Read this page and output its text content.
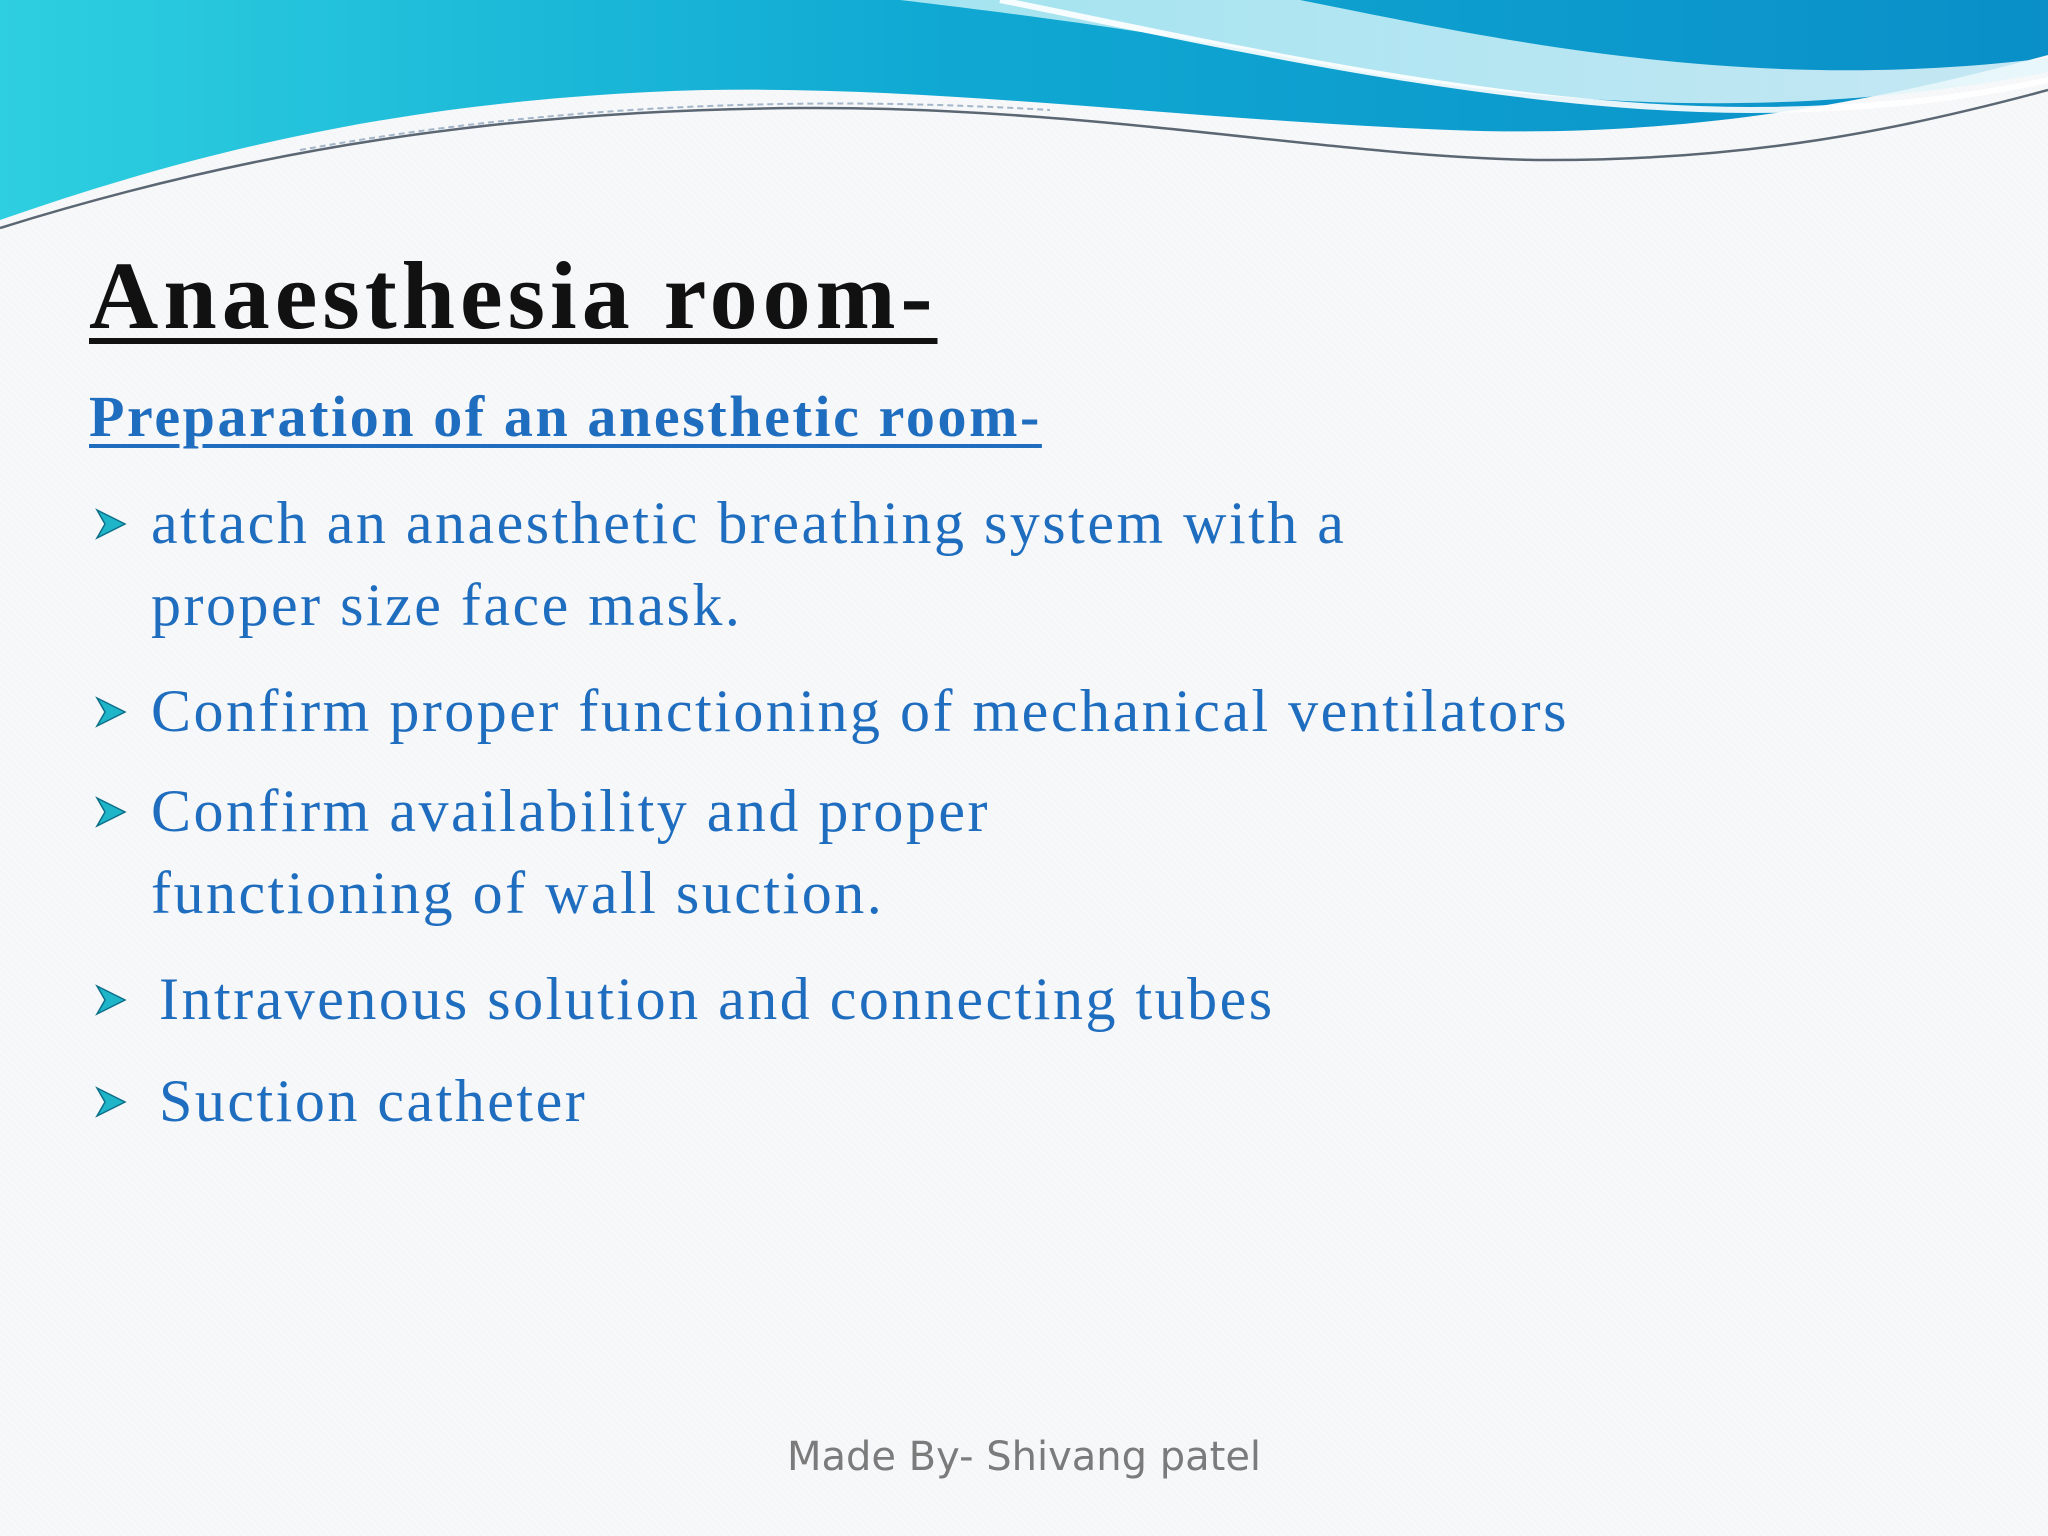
Anaesthesia room-
Preparation of an anesthetic room-
attach an anaesthetic breathing system with a
proper size face mask.
Confirm proper functioning of mechanical ventilators
Confirm availability and proper
functioning of wall suction.
Intravenous solution and connecting tubes
Suction catheter
Made By- Shivang patel
